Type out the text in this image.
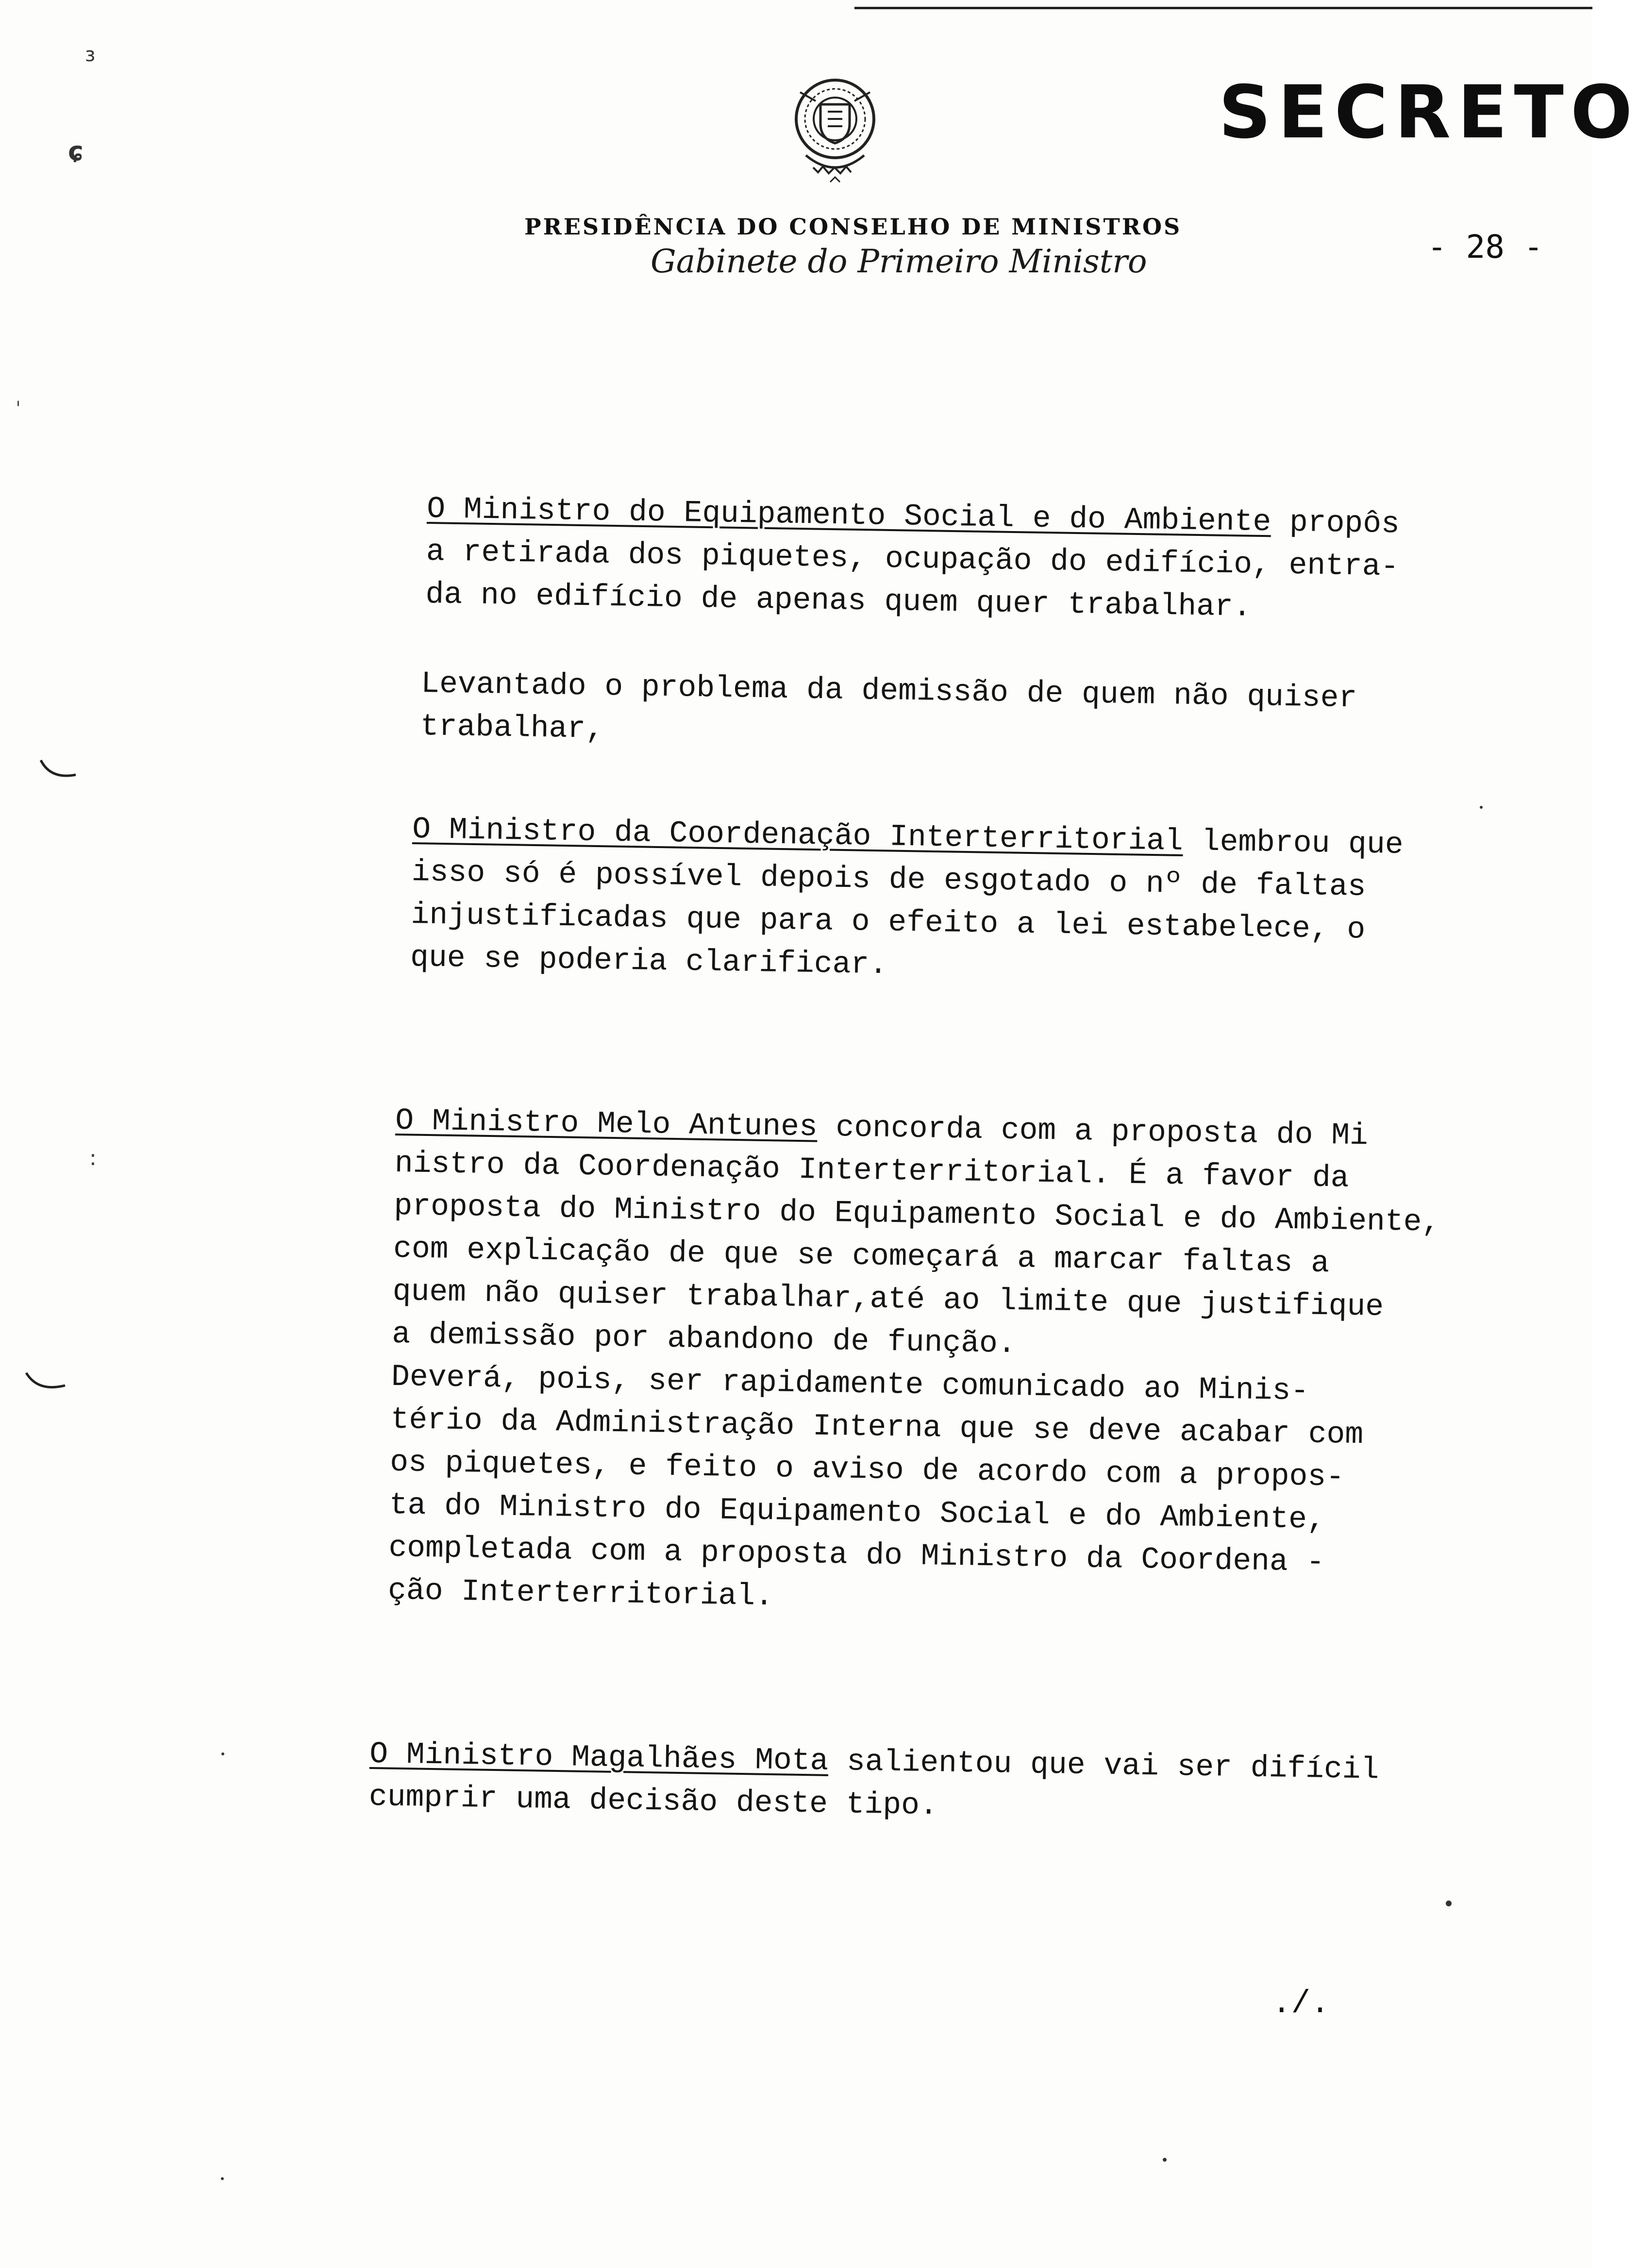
ɜ
ɕ
ˈ
:
SECRETO
PRESIDÊNCIA DO CONSELHO DE MINISTROS
Gabinete do Primeiro Ministro	- 28 -
O Ministro do Equipamento Social e do Ambiente propôs
a retirada dos piquetes, ocupação do edifício, entra-
da no edifício de apenas quem quer trabalhar.
Levantado o problema da demissão de quem não quiser
trabalhar,
O Ministro da Coordenação Interterritorial lembrou que
isso só é possível depois de esgotado o nº de faltas
injustificadas que para o efeito a lei estabelece, o
que se poderia clarificar.
O Ministro Melo Antunes concorda com a proposta do Mi
nistro da Coordenação Interterritorial. É a favor da
proposta do Ministro do Equipamento Social e do Ambiente,
com explicação de que se começará a marcar faltas a
quem não quiser trabalhar,até ao limite que justifique
a demissão por abandono de função.
Deverá, pois, ser rapidamente comunicado ao Minis-
tério da Administração Interna que se deve acabar com
os piquetes, e feito o aviso de acordo com a propos-
ta do Ministro do Equipamento Social e do Ambiente,
completada com a proposta do Ministro da Coordena -
ção Interterritorial.
O Ministro Magalhães Mota salientou que vai ser difícil
cumprir uma decisão deste tipo.
./.
